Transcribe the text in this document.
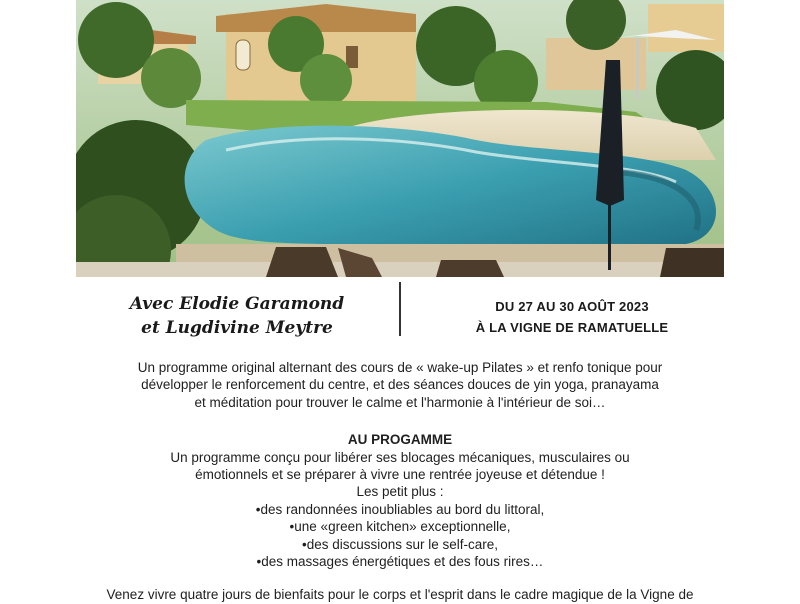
Avec Elodie Garamond
et Lugdivine Meytre
DU 27 AU 30 AOÛT 2023
À LA VIGNE DE RAMATUELLE

Un programme original alternant des cours de « wake-up Pilates » et renfo tonique pour
développer le renforcement du centre, et des séances douces de yin yoga, pranayama
et méditation pour trouver le calme et l'harmonie à l'intérieur de soi…

AU PROGAMME
Un programme conçu pour libérer ses blocages mécaniques, musculaires ou
émotionnels et se préparer à vivre une rentrée joyeuse et détendue !
Les petit plus :
• des randonnées inoubliables au bord du littoral,
• une «green kitchen» exceptionnelle,
• des discussions sur le self-care,
• des massages énergétiques et des fous rires…

Venez vivre quatre jours de bienfaits pour le corps et l'esprit dans le cadre magique de la Vigne de
